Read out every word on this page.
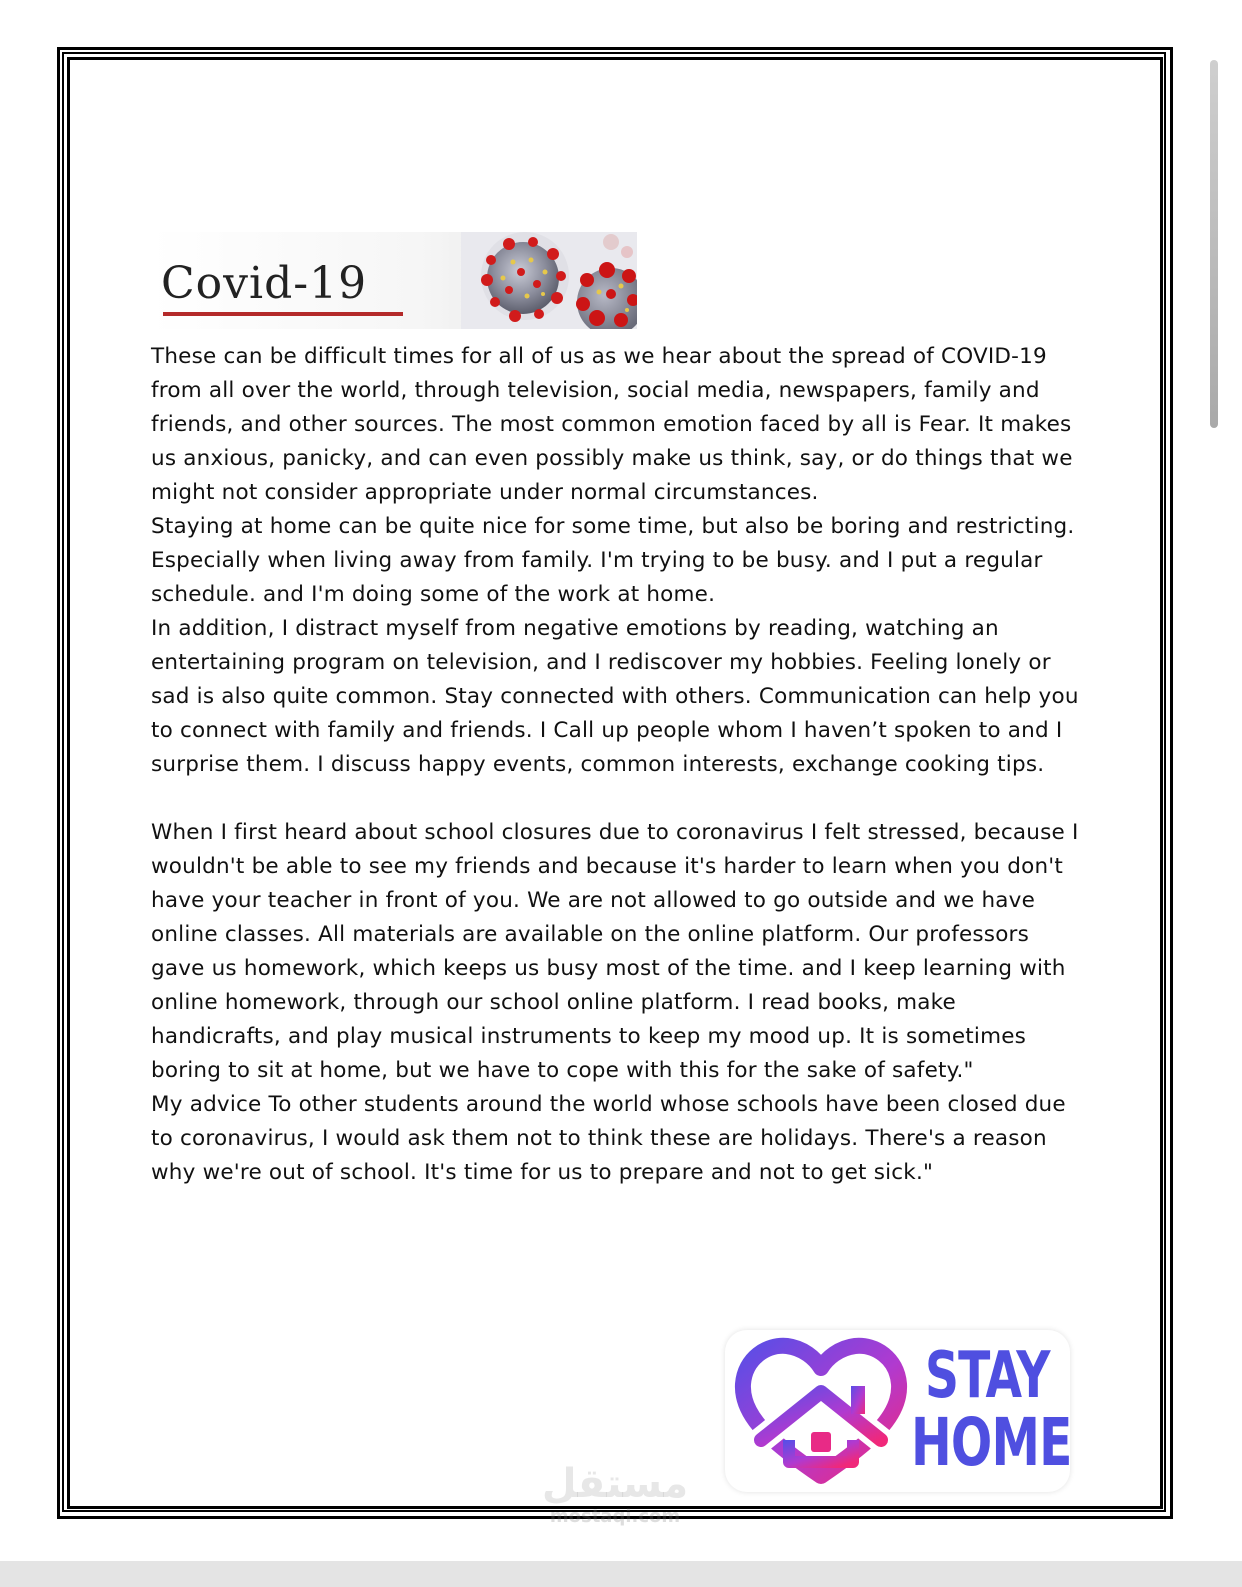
Covid-19

These can be difficult times for all of us as we hear about the spread of COVID-19 from all over the world, through television, social media, newspapers, family and friends, and other sources. The most common emotion faced by all is Fear. It makes us anxious, panicky, and can even possibly make us think, say, or do things that we might not consider appropriate under normal circumstances.

Staying at home can be quite nice for some time, but also be boring and restricting. Especially when living away from family. I'm trying to be busy. and I put a regular schedule. and I'm doing some of the work at home.

In addition, I distract myself from negative emotions by reading, watching an entertaining program on television, and I rediscover my hobbies. Feeling lonely or sad is also quite common. Stay connected with others. Communication can help you to connect with family and friends. I Call up people whom I haven’t spoken to and I surprise them. I discuss happy events, common interests, exchange cooking tips.

When I first heard about school closures due to coronavirus I felt stressed, because I wouldn't be able to see my friends and because it's harder to learn when you don't have your teacher in front of you. We are not allowed to go outside and we have online classes. All materials are available on the online platform. Our professors gave us homework, which keeps us busy most of the time. and I keep learning with online homework, through our school online platform. I read books, make handicrafts, and play musical instruments to keep my mood up. It is sometimes boring to sit at home, but we have to cope with this for the sake of safety."

My advice To other students around the world whose schools have been closed due to coronavirus, I would ask them not to think these are holidays. There's a reason why we're out of school. It's time for us to prepare and not to get sick."

STAY
HOME
مستقل
mostaqi.com
